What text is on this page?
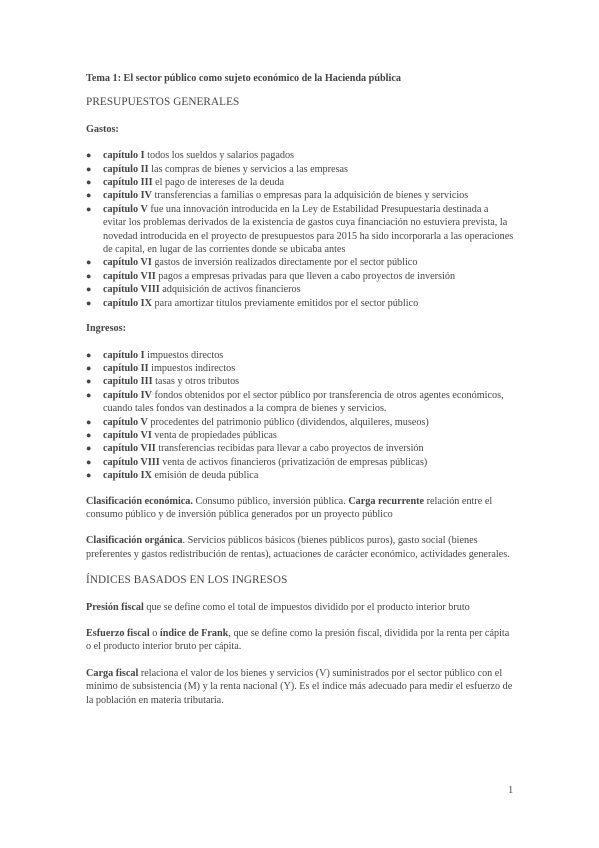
Tema 1: El sector público como sujeto económico de la Hacienda pública
PRESUPUESTOS GENERALES
Gastos:
● capítulo I todos los sueldos y salarios pagados
● capítulo II las compras de bienes y servicios a las empresas
● capítulo III el pago de intereses de la deuda
● capítulo IV transferencias a familias o empresas para la adquisición de bienes y servicios
● capítulo V fue una innovación introducida en la Ley de Estabilidad Presupuestaria destinada a evitar los problemas derivados de la existencia de gastos cuya financiación no estuviera prevista, la novedad introducida en el proyecto de presupuestos para 2015 ha sido incorporarla a las operaciones de capital, en lugar de las corrientes donde se ubicaba antes
● capítulo VI gastos de inversión realizados directamente por el sector público
● capítulo VII pagos a empresas privadas para que lleven a cabo proyectos de inversión
● capítulo VIII adquisición de activos financieros
● capítulo IX para amortizar títulos previamente emitidos por el sector público
Ingresos:
● capítulo I impuestos directos
● capítulo II impuestos indirectos
● capítulo III tasas y otros tributos
● capítulo IV fondos obtenidos por el sector público por transferencia de otros agentes económicos, cuando tales fondos van destinados a la compra de bienes y servicios.
● capítulo V procedentes del patrimonio público (dividendos, alquileres, museos)
● capítulo VI venta de propiedades públicas
● capítulo VII transferencias recibidas para llevar a cabo proyectos de inversión
● capítulo VIII venta de activos financieros (privatización de empresas públicas)
● capítulo IX emisión de deuda pública

Clasificación económica. Consumo público, inversión pública. Carga recurrente relación entre el consumo público y de inversión pública generados por un proyecto público

Clasificación orgánica. Servicios públicos básicos (bienes públicos puros), gasto social (bienes preferentes y gastos redistribución de rentas), actuaciones de carácter económico, actividades generales.

ÍNDICES BASADOS EN LOS INGRESOS

Presión fiscal que se define como el total de impuestos dividido por el producto interior bruto

Esfuerzo fiscal o índice de Frank, que se define como la presión fiscal, dividida por la renta per cápita o el producto interior bruto per cápita.

Carga fiscal relaciona el valor de los bienes y servicios (V) suministrados por el sector público con el mínimo de subsistencia (M) y la renta nacional (Y). Es el índice más adecuado para medir el esfuerzo de la población en materia tributaria.

1
